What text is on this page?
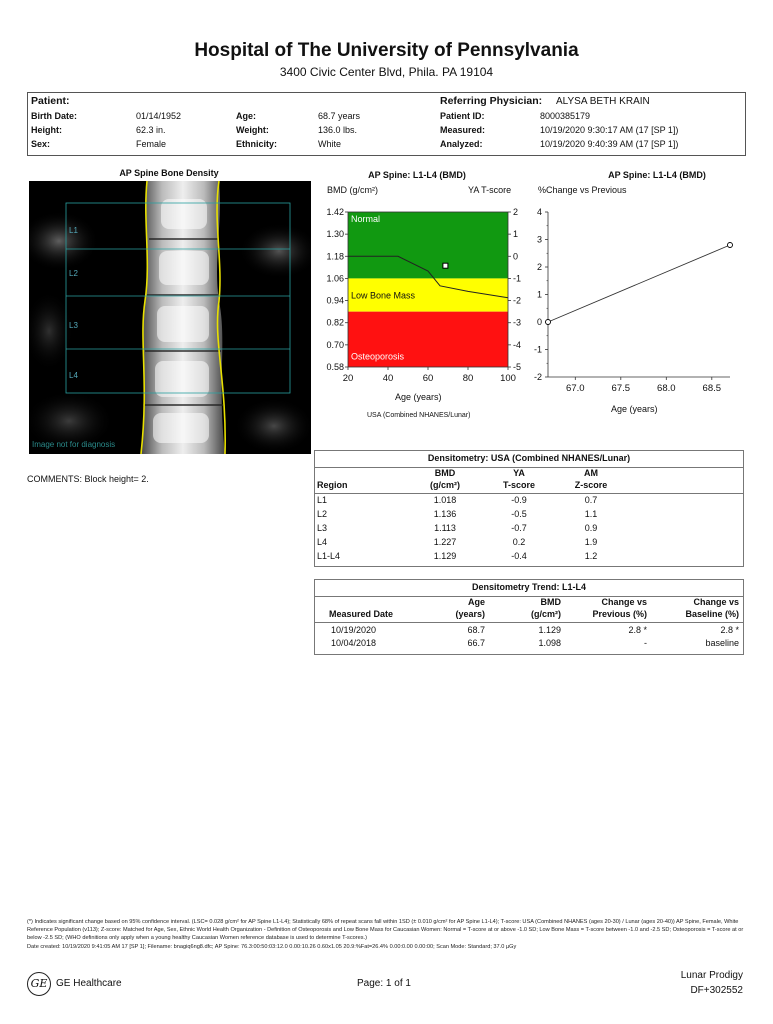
Hospital of The University of Pennsylvania
3400 Civic Center Blvd, Phila. PA 19104
Patient:
Birth Date:	01/14/1952
Height:	62.3 in.
Sex:	Female
Age:	68.7 years
Weight:	136.0 lbs.
Ethnicity:	White
Referring Physician: ALYSA BETH KRAIN
Patient ID:	8000385179
Measured:	10/19/2020 9:30:17 AM (17 [SP 1])
Analyzed:	10/19/2020 9:40:39 AM (17 [SP 1])
AP Spine Bone Density
L1
L2
L3
L4
Image not for diagnosis
AP Spine: L1-L4 (BMD)
BMD (g/cm²)	YA T-score
Normal
Low Bone Mass
Osteoporosis
0.58
0.70
0.82
0.94
1.06
1.18
1.30
1.42
-5
-4
-3
-2
-1
0
1
2
20	40	60	80	100
Age (years)
USA (Combined NHANES/Lunar)
AP Spine: L1-L4 (BMD)
%Change vs Previous
-2
-1
0
1
2
3
4
67.0	67.5	68.0	68.5
Age (years)
COMMENTS: Block height= 2.
Densitometry: USA (Combined NHANES/Lunar)
BMD	YA	AM
Region	(g/cm²)	T-score	Z-score
L1	1.018	-0.9	0.7
L2	1.136	-0.5	1.1
L3	1.113	-0.7	0.9
L4	1.227	0.2	1.9
L1-L4	1.129	-0.4	1.2
Densitometry Trend: L1-L4
Age	BMD	Change vs	Change vs
Measured Date	(years)	(g/cm²)	Previous (%)	Baseline (%)
10/19/2020	68.7	1.129	2.8 *	2.8 *
10/04/2018	66.7	1.098	-	baseline
(*) Indicates significant change based on 95% confidence interval. (LSC= 0.028 g/cm² for AP Spine L1-L4); Statistically 68% of repeat scans fall within 1SD (± 0.010 g/cm² for AP Spine L1-L4); T-score: USA (Combined NHANES (ages 20-30) / Lunar (ages 20-40)) AP Spine, Female, White Reference Population (v113); Z-score: Matched for Age, Sex, Ethnic World Health Organization - Definition of Osteoporosis and Low Bone Mass for Caucasian Women: Normal = T-score at or above -1.0 SD; Low Bone Mass = T-score between -1.0 and -2.5 SD; Osteoporosis = T-score at or below -2.5 SD; (WHO definitions only apply when a young healthy Caucasian Women reference database is used to determine T-scores.)
Date created: 10/19/2020 9:41:05 AM 17 [SP 1]; Filename: bnagiq6ng8.dfc; AP Spine: 76.3:00:50:03:12.0 0.00:10.26 0.60x1.05 20.9:%Fat=26.4% 0.00:0.00 0.00:00; Scan Mode: Standard; 37.0 µGy
GE GE Healthcare	Page: 1 of 1
Lunar Prodigy
DF+302552
